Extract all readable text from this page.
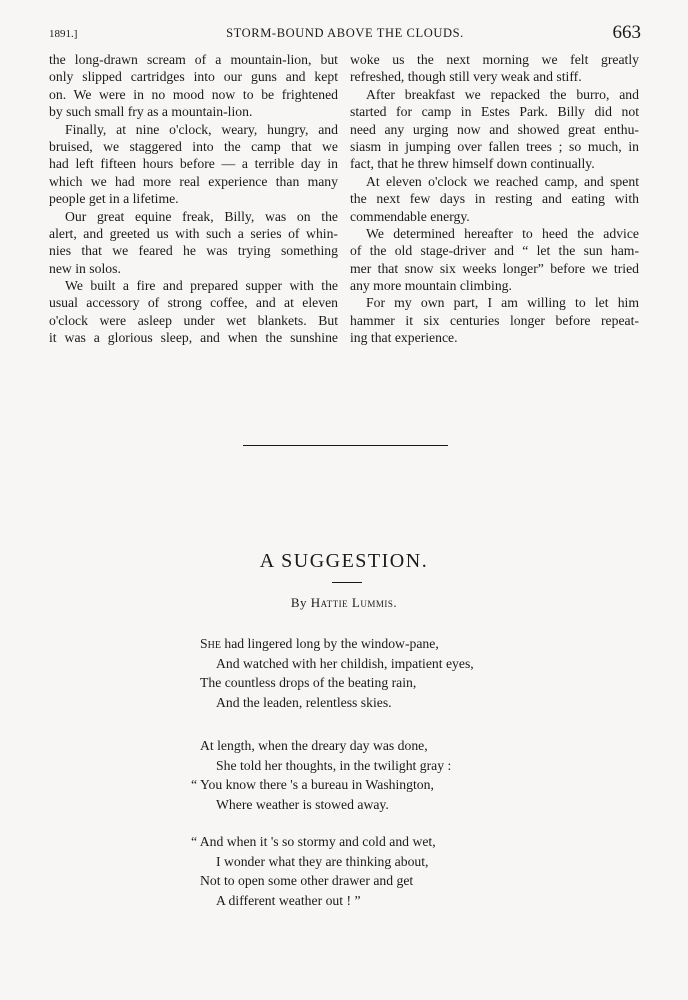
1891.]	STORM-BOUND ABOVE THE CLOUDS.	663
the long-drawn scream of a mountain-lion, but
only slipped cartridges into our guns and kept
on. We were in no mood now to be frightened
by such small fry as a mountain-lion.
Finally, at nine o'clock, weary, hungry, and
bruised, we staggered into the camp that we
had left fifteen hours before — a terrible day in
which we had more real experience than many
people get in a lifetime.
Our great equine freak, Billy, was on the
alert, and greeted us with such a series of whin-
nies that we feared he was trying something
new in solos.
We built a fire and prepared supper with the
usual accessory of strong coffee, and at eleven
o'clock were asleep under wet blankets. But
it was a glorious sleep, and when the sunshine
woke us the next morning we felt greatly
refreshed, though still very weak and stiff.
After breakfast we repacked the burro, and
started for camp in Estes Park. Billy did not
need any urging now and showed great enthu-
siasm in jumping over fallen trees ; so much, in
fact, that he threw himself down continually.
At eleven o'clock we reached camp, and spent
the next few days in resting and eating with
commendable energy.
We determined hereafter to heed the advice
of the old stage-driver and “ let the sun ham-
mer that snow six weeks longer” before we tried
any more mountain climbing.
For my own part, I am willing to let him
hammer it six centuries longer before repeat-
ing that experience.
A SUGGESTION.
By Hattie Lummis.
She had lingered long by the window-pane,
And watched with her childish, impatient eyes,
The countless drops of the beating rain,
And the leaden, relentless skies.
At length, when the dreary day was done,
She told her thoughts, in the twilight gray :
“ You know there 's a bureau in Washington,
Where weather is stowed away.
“ And when it 's so stormy and cold and wet,
I wonder what they are thinking about,
Not to open some other drawer and get
A different weather out ! ”
